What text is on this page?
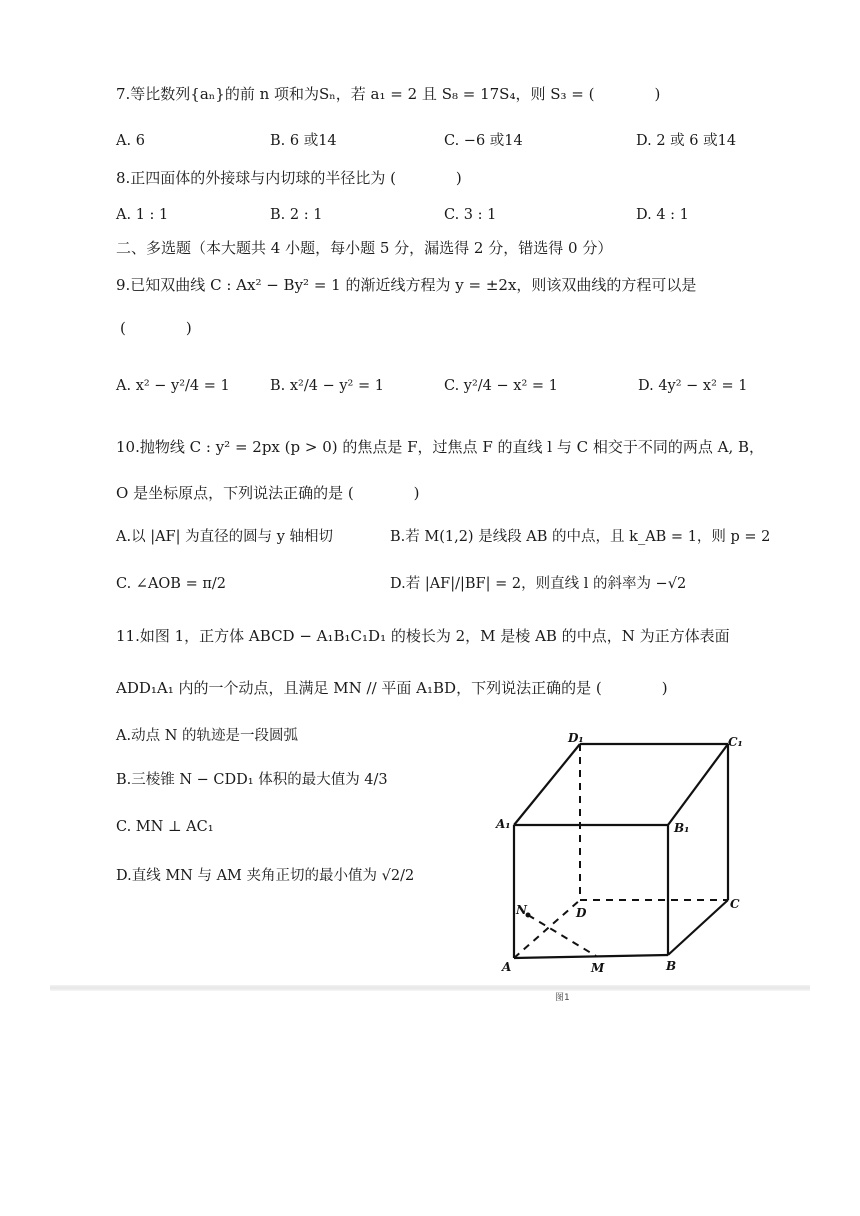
7.等比数列{aₙ}的前 n 项和为Sₙ，若 a₁ = 2 且 S₈ = 17S₄，则 S₃ = (　　　　)
A. 6	B. 6 或14	C. −6 或14	D. 2 或 6 或14
8.正四面体的外接球与内切球的半径比为 (　　　　)
A. 1 : 1	B. 2 : 1	C. 3 : 1	D. 4 : 1
二、多选题（本大题共 4 小题，每小题 5 分，漏选得 2 分，错选得 0 分）
9.已知双曲线 C : Ax² − By² = 1 的渐近线方程为 y = ±2x，则该双曲线的方程可以是
(　　　　)
A. x² − y²/4 = 1	B. x²/4 − y² = 1	C. y²/4 − x² = 1	D. 4y² − x² = 1
10.抛物线 C : y² = 2px (p > 0) 的焦点是 F，过焦点 F 的直线 l 与 C 相交于不同的两点 A, B，
O 是坐标原点，下列说法正确的是 (　　　　)
A.以 |AF| 为直径的圆与 y 轴相切	B.若 M(1,2) 是线段 AB 的中点，且 k_AB = 1，则 p = 2
C. ∠AOB = π/2	D.若 |AF|/|BF| = 2，则直线 l 的斜率为 −√2
11.如图 1，正方体 ABCD − A₁B₁C₁D₁ 的棱长为 2，M 是棱 AB 的中点，N 为正方体表面
ADD₁A₁ 内的一个动点，且满足 MN // 平面 A₁BD，下列说法正确的是 (　　　　)
A.动点 N 的轨迹是一段圆弧
B.三棱锥 N − CDD₁ 体积的最大值为 4/3
C. MN ⊥ AC₁
D.直线 MN 与 AM 夹角正切的最小值为 √2/2
D₁	C₁
A₁	B₁
D
C
N
A	M	B
图1
